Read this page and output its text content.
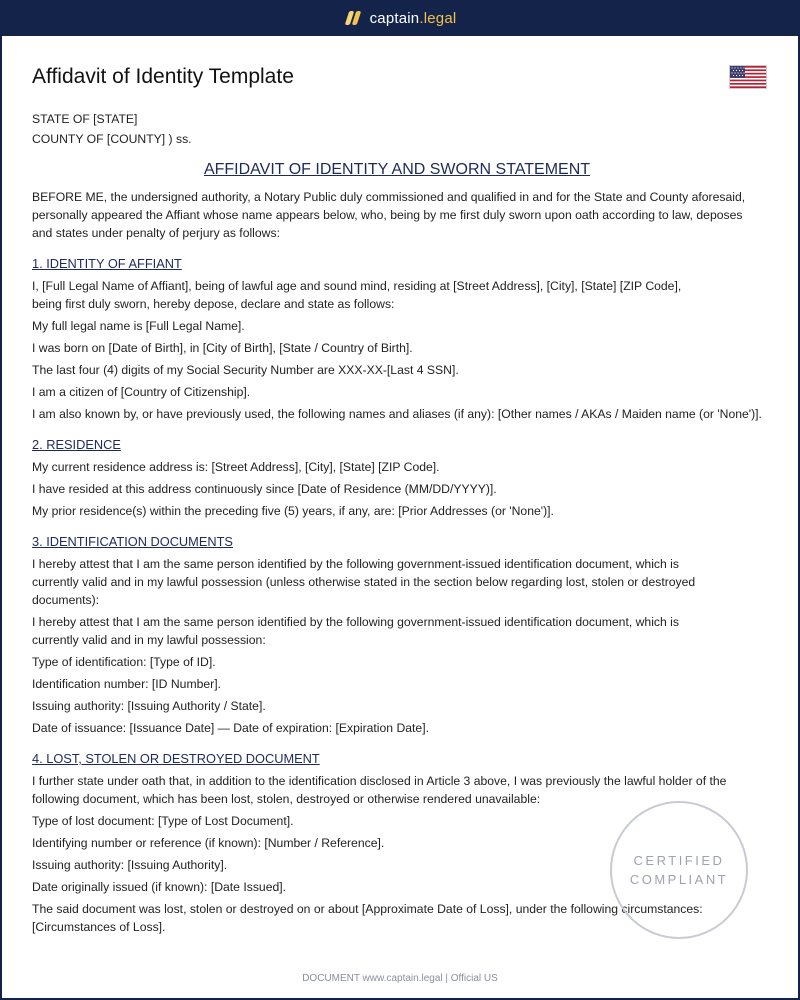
captain.legal
Affidavit of Identity Template

STATE OF [STATE]

COUNTY OF [COUNTY] ) ss.

AFFIDAVIT OF IDENTITY AND SWORN STATEMENT

BEFORE ME, the undersigned authority, a Notary Public duly commissioned and qualified in and for the State and County aforesaid, personally appeared the Affiant whose name appears below, who, being by me first duly sworn upon oath according to law, deposes and states under penalty of perjury as follows:

1. IDENTITY OF AFFIANT

I, [Full Legal Name of Affiant], being of lawful age and sound mind, residing at [Street Address], [City], [State] [ZIP Code], being first duly sworn, hereby depose, declare and state as follows:

My full legal name is [Full Legal Name].

I was born on [Date of Birth], in [City of Birth], [State / Country of Birth].

The last four (4) digits of my Social Security Number are XXX-XX-[Last 4 SSN].

I am a citizen of [Country of Citizenship].

I am also known by, or have previously used, the following names and aliases (if any): [Other names / AKAs / Maiden name (or 'None')].

2. RESIDENCE

My current residence address is: [Street Address], [City], [State] [ZIP Code].

I have resided at this address continuously since [Date of Residence (MM/DD/YYYY)].

My prior residence(s) within the preceding five (5) years, if any, are: [Prior Addresses (or 'None')].

3. IDENTIFICATION DOCUMENTS

I hereby attest that I am the same person identified by the following government-issued identification document, which is currently valid and in my lawful possession (unless otherwise stated in the section below regarding lost, stolen or destroyed documents):

I hereby attest that I am the same person identified by the following government-issued identification document, which is currently valid and in my lawful possession:

Type of identification: [Type of ID].

Identification number: [ID Number].

Issuing authority: [Issuing Authority / State].

Date of issuance: [Issuance Date] — Date of expiration: [Expiration Date].

4. LOST, STOLEN OR DESTROYED DOCUMENT

I further state under oath that, in addition to the identification disclosed in Article 3 above, I was previously the lawful holder of the following document, which has been lost, stolen, destroyed or otherwise rendered unavailable:

Type of lost document: [Type of Lost Document].

Identifying number or reference (if known): [Number / Reference].

Issuing authority: [Issuing Authority].

Date originally issued (if known): [Date Issued].

The said document was lost, stolen or destroyed on or about [Approximate Date of Loss], under the following circumstances: [Circumstances of Loss].

CERTIFIED
COMPLIANT
DOCUMENT www.captain.legal | Official US
